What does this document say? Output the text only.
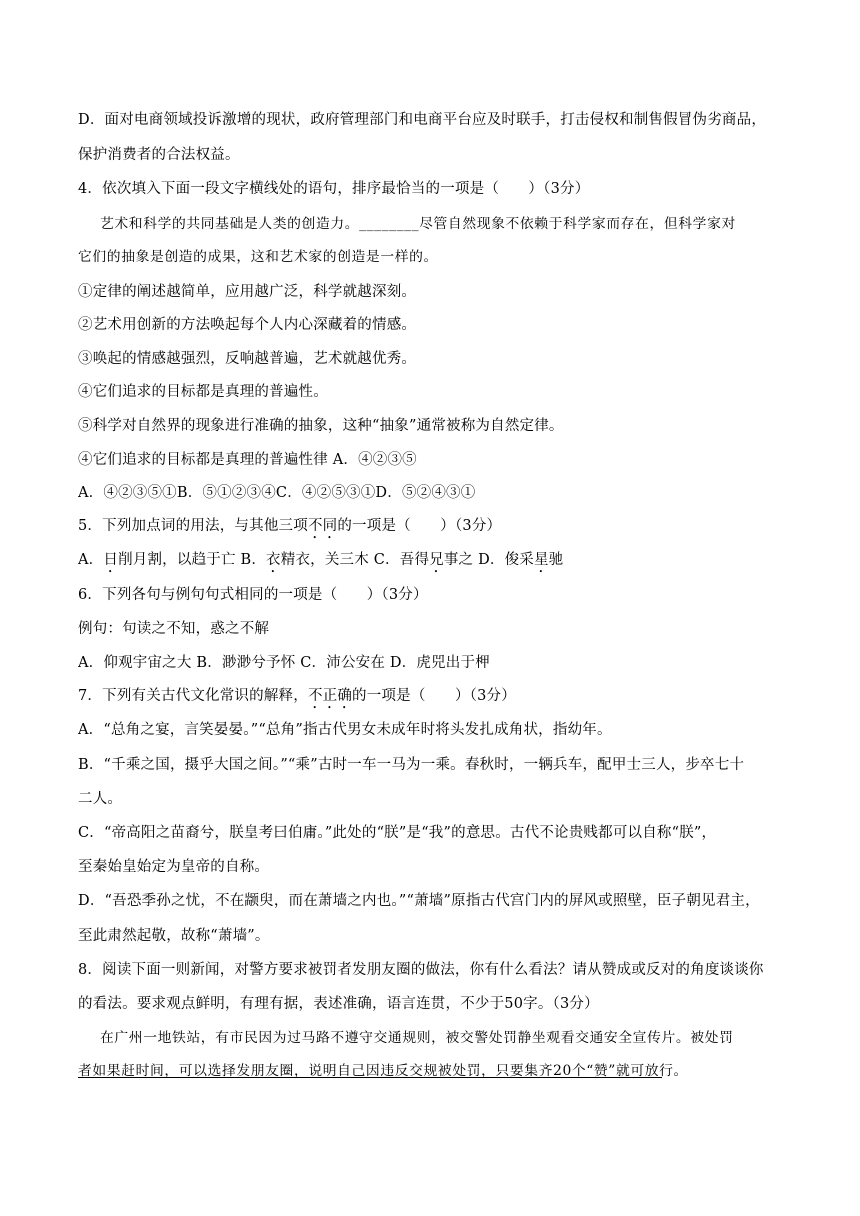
D．面对电商领域投诉激增的现状，政府管理部门和电商平台应及时联手，打击侵权和制售假冒伪劣商品，
保护消费者的合法权益。
4．依次填入下面一段文字横线处的语句，排序最恰当的一项是（　　）（3分）
艺术和科学的共同基础是人类的创造力。________尽管自然现象不依赖于科学家而存在，但科学家对
它们的抽象是创造的成果，这和艺术家的创造是一样的。
①定律的阐述越简单，应用越广泛，科学就越深刻。
②艺术用创新的方法唤起每个人内心深藏着的情感。
③唤起的情感越强烈，反响越普遍，艺术就越优秀。
④它们追求的目标都是真理的普遍性。
⑤科学对自然界的现象进行准确的抽象，这种“抽象”通常被称为自然定律。
④它们追求的目标都是真理的普遍性律 A．④②③⑤
A．④②③⑤①B．⑤①②③④C．④②⑤③①D．⑤②④③①
5．下列加点词的用法，与其他三项不同的一项是（　　）（3分）
A．日削月割，以趋于亡 B．衣精衣，关三木 C．吾得兄事之 D．俊采星驰
6．下列各句与例句句式相同的一项是（　　）（3分）
例句：句读之不知，惑之不解
A．仰观宇宙之大 B．渺渺兮予怀 C．沛公安在 D．虎兕出于柙
7．下列有关古代文化常识的解释，不正确的一项是（　　）（3分）
A．“总角之宴，言笑晏晏。”“总角”指古代男女未成年时将头发扎成角状，指幼年。
B．“千乘之国，摄乎大国之间。”“乘”古时一车一马为一乘。春秋时，一辆兵车，配甲士三人，步卒七十
二人。
C．“帝高阳之苗裔兮，朕皇考曰伯庸。”此处的“朕”是“我”的意思。古代不论贵贱都可以自称“朕”，
至秦始皇始定为皇帝的自称。
D．“吾恐季孙之忧，不在颛臾，而在萧墙之内也。”“萧墙”原指古代宫门内的屏风或照壁，臣子朝见君主，
至此肃然起敬，故称“萧墙”。
8．阅读下面一则新闻，对警方要求被罚者发朋友圈的做法，你有什么看法？请从赞成或反对的角度谈谈你
的看法。要求观点鲜明，有理有据，表述准确，语言连贯，不少于50字。（3分）
在广州一地铁站，有市民因为过马路不遵守交通规则，被交警处罚静坐观看交通安全宣传片。被处罚
者如果赶时间，可以选择发朋友圈，说明自己因违反交规被处罚，只要集齐20个“赞”就可放行。
